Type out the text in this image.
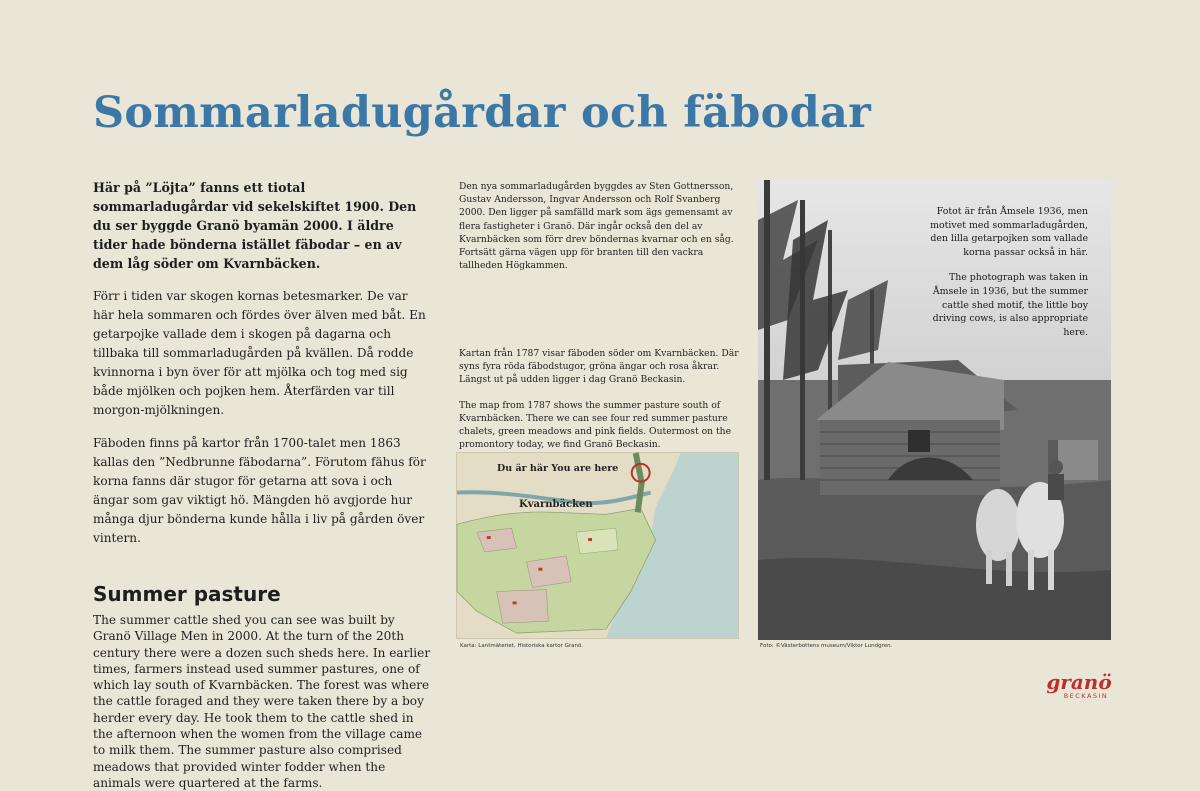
Sommarladugårdar och fäbodar

Här på ”Löjta” fanns ett tiotal sommarladugårdar vid sekelskiftet 1900. Den du ser byggde Granö byamän 2000. I äldre tider hade bönderna istället fäbodar – en av dem låg söder om Kvarnbäcken.

Förr i tiden var skogen kornas betesmarker. De var här hela sommaren och fördes över älven med båt. En getarpojke vallade dem i skogen på dagarna och tillbaka till sommarladugården på kvällen. Då rodde kvinnorna i byn över för att mjölka och tog med sig både mjölken och pojken hem. Återfärden var till morgon-mjölkningen.

Fäboden finns på kartor från 1700-talet men 1863 kallas den ”Nedbrunne fäbodarna”. Förutom fähus för korna fanns där stugor för getarna att sova i och ängar som gav viktigt hö. Mängden hö avgjorde hur många djur bönderna kunde hålla i liv på gården över vintern.

Summer pasture

The summer cattle shed you can see was built by Granö Village Men in 2000. At the turn of the 20th century there were a dozen such sheds here. In earlier times, farmers instead used summer pastures, one of which lay south of Kvarnbäcken. The forest was where the cattle foraged and they were taken there by a boy herder every day. He took them to the cattle shed in the afternoon when the women from the village came to milk them. The summer pasture also comprised meadows that provided winter fodder when the animals were quartered at the farms.

Den nya sommarladugården byggdes av Sten Gottnersson, Gustav Andersson, Ingvar Andersson och Rolf Svanberg 2000. Den ligger på samfälld mark som ägs gemensamt av flera fastigheter i Granö. Där ingår också den del av Kvarnbäcken som förr drev böndernas kvarnar och en såg. Fortsätt gärna vägen upp för branten till den vackra tallheden Högkammen.

Kartan från 1787 visar fäboden söder om Kvarnbäcken. Där syns fyra röda fäbodstugor, gröna ängar och rosa åkrar. Längst ut på udden ligger i dag Granö Beckasin.

The map from 1787 shows the summer pasture south of Kvarnbäcken. There we can see four red summer pasture chalets, green meadows and pink fields. Outermost on the promontory today, we find Granö Beckasin.

Du är här You are here
Kvarnbäcken
Karta: Lantmäteriet, Historiska kartor Granö.

Fotot är från Åmsele 1936, men motivet med sommarladugården, den lilla getarpojken som vallade korna passar också in här.

The photograph was taken in Åmsele in 1936, but the summer cattle shed motif, the little boy driving cows, is also appropriate here.

Foto: ©Västerbottens museum/Viktor Lundgren.
granö
BECKASIN
